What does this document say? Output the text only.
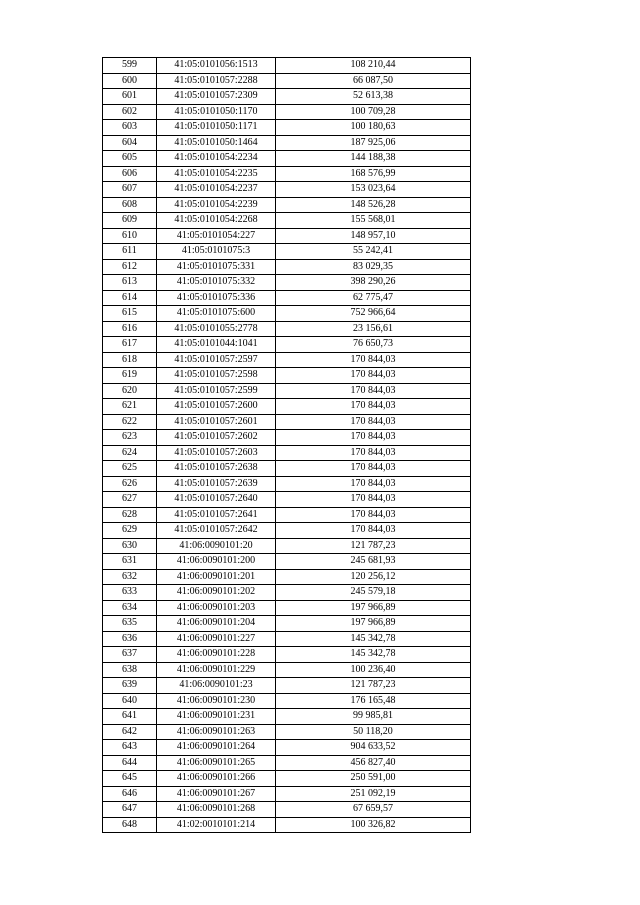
599	41:05:0101056:1513	108 210,44
600	41:05:0101057:2288	66 087,50
601	41:05:0101057:2309	52 613,38
602	41:05:0101050:1170	100 709,28
603	41:05:0101050:1171	100 180,63
604	41:05:0101050:1464	187 925,06
605	41:05:0101054:2234	144 188,38
606	41:05:0101054:2235	168 576,99
607	41:05:0101054:2237	153 023,64
608	41:05:0101054:2239	148 526,28
609	41:05:0101054:2268	155 568,01
610	41:05:0101054:227	148 957,10
611	41:05:0101075:3	55 242,41
612	41:05:0101075:331	83 029,35
613	41:05:0101075:332	398 290,26
614	41:05:0101075:336	62 775,47
615	41:05:0101075:600	752 966,64
616	41:05:0101055:2778	23 156,61
617	41:05:0101044:1041	76 650,73
618	41:05:0101057:2597	170 844,03
619	41:05:0101057:2598	170 844,03
620	41:05:0101057:2599	170 844,03
621	41:05:0101057:2600	170 844,03
622	41:05:0101057:2601	170 844,03
623	41:05:0101057:2602	170 844,03
624	41:05:0101057:2603	170 844,03
625	41:05:0101057:2638	170 844,03
626	41:05:0101057:2639	170 844,03
627	41:05:0101057:2640	170 844,03
628	41:05:0101057:2641	170 844,03
629	41:05:0101057:2642	170 844,03
630	41:06:0090101:20	121 787,23
631	41:06:0090101:200	245 681,93
632	41:06:0090101:201	120 256,12
633	41:06:0090101:202	245 579,18
634	41:06:0090101:203	197 966,89
635	41:06:0090101:204	197 966,89
636	41:06:0090101:227	145 342,78
637	41:06:0090101:228	145 342,78
638	41:06:0090101:229	100 236,40
639	41:06:0090101:23	121 787,23
640	41:06:0090101:230	176 165,48
641	41:06:0090101:231	99 985,81
642	41:06:0090101:263	50 118,20
643	41:06:0090101:264	904 633,52
644	41:06:0090101:265	456 827,40
645	41:06:0090101:266	250 591,00
646	41:06:0090101:267	251 092,19
647	41:06:0090101:268	67 659,57
648	41:02:0010101:214	100 326,82
